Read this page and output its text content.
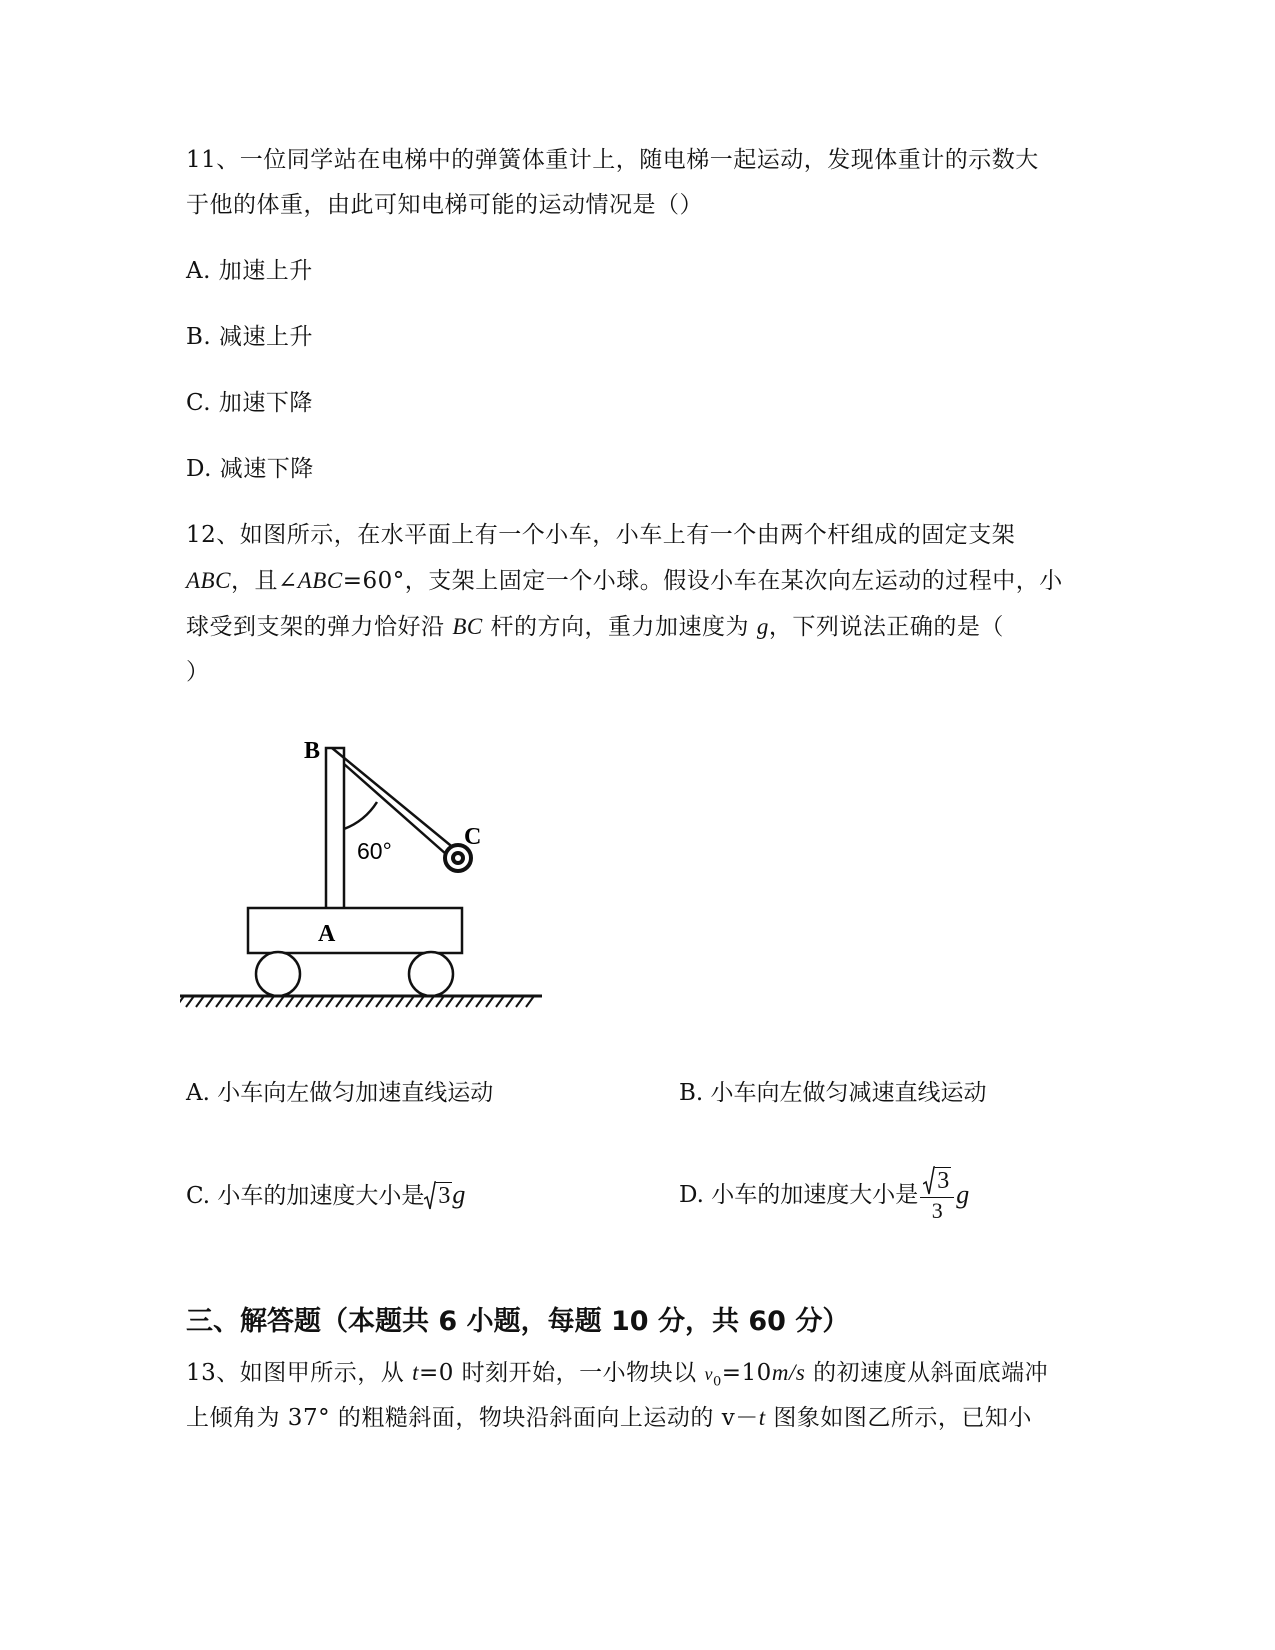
11、一位同学站在电梯中的弹簧体重计上，随电梯一起运动，发现体重计的示数大
于他的体重，由此可知电梯可能的运动情况是（）
A. 加速上升
B. 减速上升
C. 加速下降
D. 减速下降
12、如图所示，在水平面上有一个小车，小车上有一个由两个杆组成的固定支架
ABC，且∠ABC=60°，支架上固定一个小球。假设小车在某次向左运动的过程中，小
球受到支架的弹力恰好沿 BC 杆的方向，重力加速度为 g，下列说法正确的是（
）
B
C
A
60°
A. 小车向左做匀加速直线运动	B. 小车向左做匀减速直线运动
C. 小车的加速度大小是 3g	D. 小车的加速度大小是 $\frac{3}{3}$ g
三、解答题（本题共 6 小题，每题 10 分，共 60 分）
13、如图甲所示，从 t=0 时刻开始，一小物块以 $v_0=10m/s$ 的初速度从斜面底端冲
上倾角为 37° 的粗糙斜面，物块沿斜面向上运动的 v－t 图象如图乙所示，已知小
